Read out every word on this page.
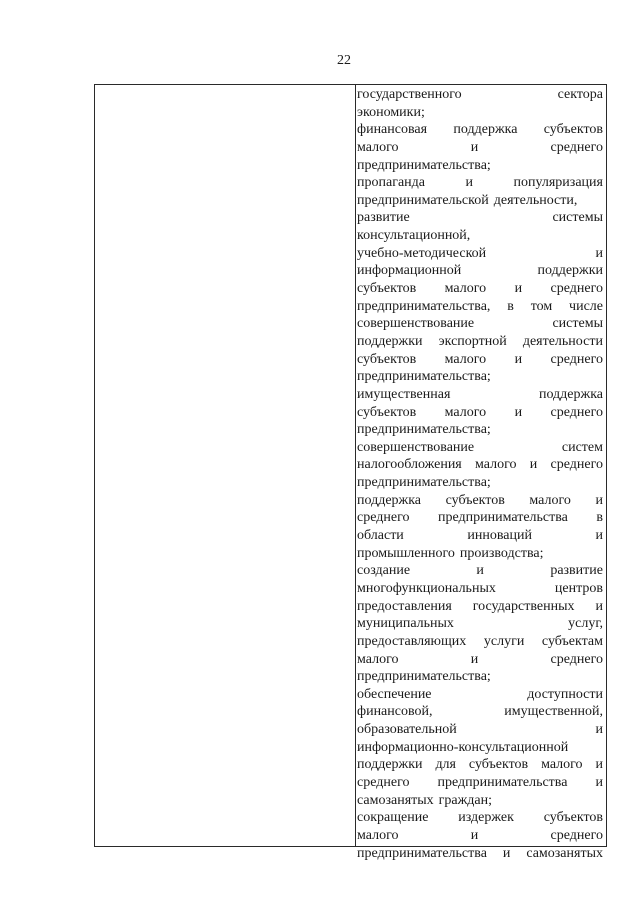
22
государственного	сектора
экономики;
финансовая поддержка субъектов
малого	и	среднего
предпринимательства;
пропаганда	и	популяризация
предпринимательской деятельности,
развитие	системы
консультационной,
учебно-методической	и
информационной	поддержки
субъектов малого и среднего
предпринимательства, в том числе
совершенствование	системы
поддержки экспортной деятельности
субъектов малого и среднего
предпринимательства;
имущественная	поддержка
субъектов малого и среднего
предпринимательства;
совершенствование	систем
налогообложения малого и среднего
предпринимательства;
поддержка субъектов малого и
среднего предпринимательства в
области	инноваций	и
промышленного производства;
создание	и	развитие
многофункциональных	центров
предоставления государственных и
муниципальных	услуг,
предоставляющих услуги субъектам
малого	и	среднего
предпринимательства;
обеспечение	доступности
финансовой,	имущественной,
образовательной	и
информационно-консультационной
поддержки для субъектов малого и
среднего предпринимательства и
самозанятых граждан;
сокращение издержек субъектов
малого	и	среднего
предпринимательства и самозанятых
